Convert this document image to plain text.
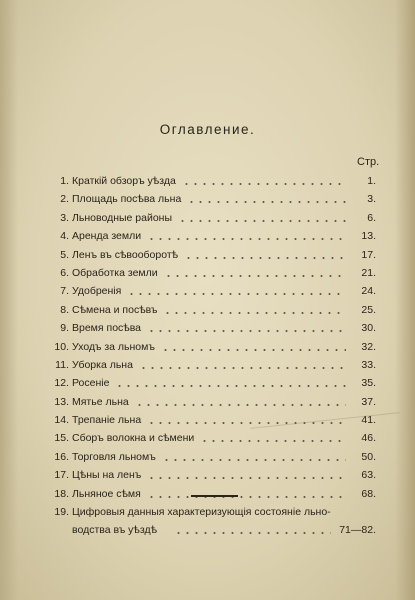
Оглавление.
Стр.
1. Краткій обзоръ уѣзда	1.
2. Площадь посѣва льна	3.
3. Льноводные районы	6.
4. Аренда земли	13.
5. Ленъ въ сѣвооборотѣ	17.
6. Обработка земли	21.
7. Удобренія	24.
8. Сѣмена и посѣвъ	25.
9. Время посѣва	30.
10. Уходъ за льномъ	32.
11. Уборка льна	33.
12. Росеніе	35.
13. Мятье льна	37.
14. Трепаніе льна	41.
15. Сборъ волокна и сѣмени	46.
16. Торговля льномъ	50.
17. Цѣны на ленъ	63.
18. Льняное сѣмя	68.
19. Цифровыя данныя характеризующія состояніе льно-
водства въ уѣздѣ	71—82.
